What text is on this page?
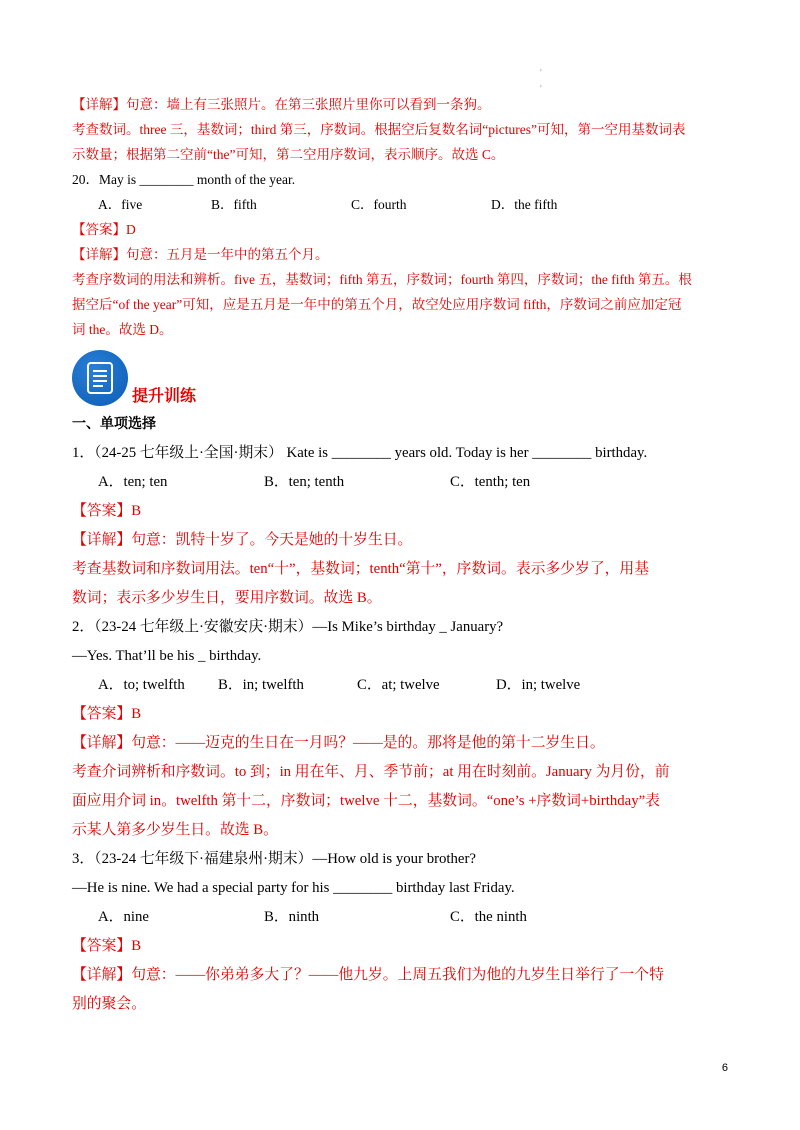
'
'
【详解】句意：墙上有三张照片。在第三张照片里你可以看到一条狗。
考查数词。three 三，基数词；third 第三，序数词。根据空后复数名词“pictures”可知，第一空用基数词表
示数量；根据第二空前“the”可知，第二空用序数词，表示顺序。故选 C。
20．May is ________ month of the year.
A．five	B．fifth	C．fourth	D．the fifth
【答案】D
【详解】句意：五月是一年中的第五个月。
考查序数词的用法和辨析。five 五，基数词；fifth 第五，序数词；fourth 第四，序数词；the fifth 第五。根
据空后“of the year”可知，应是五月是一年中的第五个月，故空处应用序数词 fifth，序数词之前应加定冠
词 the。故选 D。
提升训练
一、单项选择
1．（24-25 七年级上·全国·期末） Kate is ________ years old. Today is her ________ birthday.
A．ten; ten	B．ten; tenth	C．tenth; ten
【答案】B
【详解】句意：凯特十岁了。今天是她的十岁生日。
考查基数词和序数词用法。ten“十”，基数词；tenth“第十”，序数词。表示多少岁了，用基
数词；表示多少岁生日，要用序数词。故选 B。
2．（23-24 七年级上·安徽安庆·期末）—Is Mike’s birthday _ January?
—Yes. That’ll be his _ birthday.
A．to; twelfth	B．in; twelfth	C．at; twelve	D．in; twelve
【答案】B
【详解】句意：——迈克的生日在一月吗？——是的。那将是他的第十二岁生日。
考查介词辨析和序数词。to 到；in 用在年、月、季节前；at 用在时刻前。January 为月份，前
面应用介词 in。twelfth 第十二，序数词；twelve 十二，基数词。“one’s +序数词+birthday”表
示某人第多少岁生日。故选 B。
3．（23-24 七年级下·福建泉州·期末）—How old is your brother?
—He is nine. We had a special party for his ________ birthday last Friday.
A．nine	B．ninth	C．the ninth
【答案】B
【详解】句意：——你弟弟多大了？——他九岁。上周五我们为他的九岁生日举行了一个特
别的聚会。
6
